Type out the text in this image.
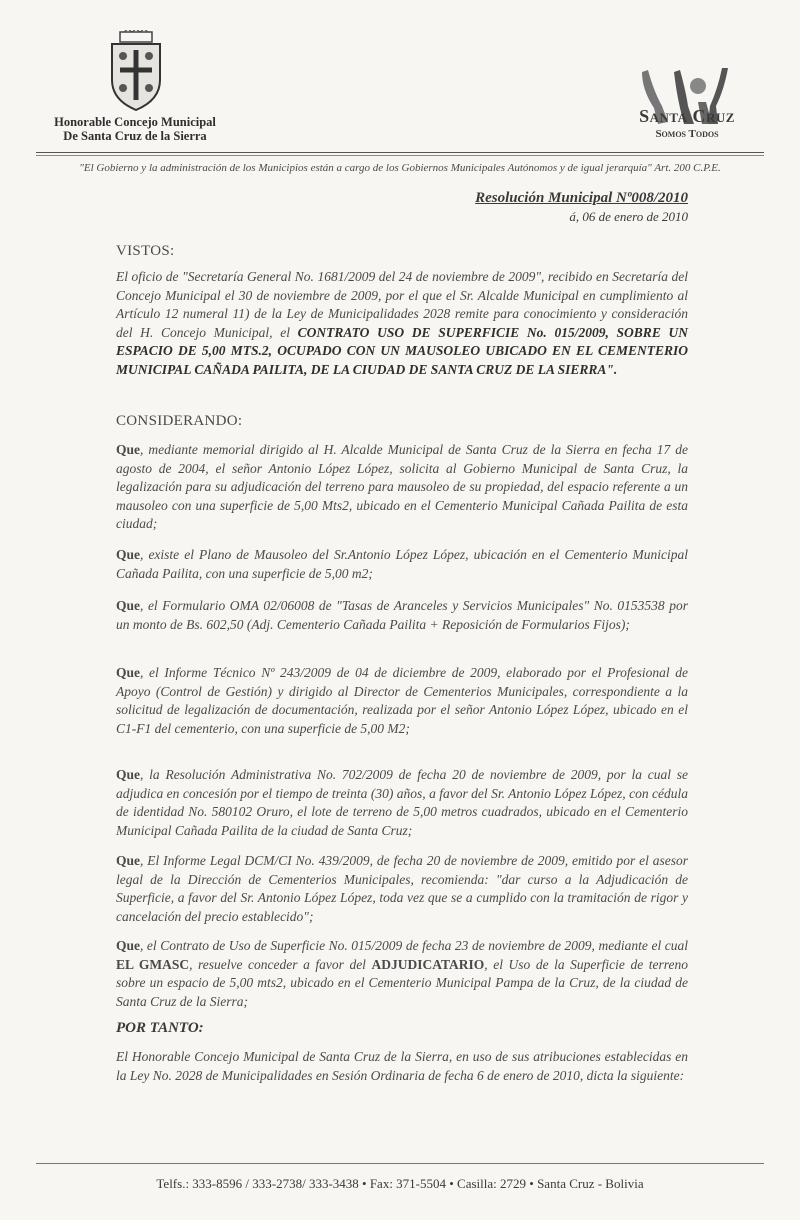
Honorable Concejo Municipal
De Santa Cruz de la Sierra
Santa Cruz
Somos Todos
"El Gobierno y la administración de los Municipios están a cargo de los Gobiernos Municipales Autónomos y de igual jerarquía" Art. 200 C.P.E.
Resolución Municipal Nº008/2010
á, 06 de enero de 2010
VISTOS:
El oficio de "Secretaría General No. 1681/2009 del 24 de noviembre de 2009", recibido en Secretaría del Concejo Municipal el 30 de noviembre de 2009, por el que el Sr. Alcalde Municipal en cumplimiento al Artículo 12 numeral 11) de la Ley de Municipalidades 2028 remite para conocimiento y consideración del H. Concejo Municipal, el CONTRATO USO DE SUPERFICIE No. 015/2009, SOBRE UN ESPACIO DE 5,00 MTS.2, OCUPADO CON UN MAUSOLEO UBICADO EN EL CEMENTERIO MUNICIPAL CAÑADA PAILITA, DE LA CIUDAD DE SANTA CRUZ DE LA SIERRA".
CONSIDERANDO:
Que, mediante memorial dirigido al H. Alcalde Municipal de Santa Cruz de la Sierra en fecha 17 de agosto de 2004, el señor Antonio López López, solicita al Gobierno Municipal de Santa Cruz, la legalización para su adjudicación del terreno para mausoleo de su propiedad, del espacio referente a un mausoleo con una superficie de 5,00 Mts2, ubicado en el Cementerio Municipal Cañada Pailita de esta ciudad;
Que, existe el Plano de Mausoleo del Sr.Antonio López López, ubicación en el Cementerio Municipal Cañada Pailita, con una superficie de 5,00 m2;
Que, el Formulario OMA 02/06008 de "Tasas de Aranceles y Servicios Municipales" No. 0153538 por un monto de Bs. 602,50 (Adj. Cementerio Cañada Pailita + Reposición de Formularios Fijos);
Que, el Informe Técnico Nº 243/2009 de 04 de diciembre de 2009, elaborado por el Profesional de Apoyo (Control de Gestión) y dirigido al Director de Cementerios Municipales, correspondiente a la solicitud de legalización de documentación, realizada por el señor Antonio López López, ubicado en el C1-F1 del cementerio, con una superficie de 5,00 M2;
Que, la Resolución Administrativa No. 702/2009 de fecha 20 de noviembre de 2009, por la cual se adjudica en concesión por el tiempo de treinta (30) años, a favor del Sr. Antonio López López, con cédula de identidad No. 580102 Oruro, el lote de terreno de 5,00 metros cuadrados, ubicado en el Cementerio Municipal Cañada Pailita de la ciudad de Santa Cruz;
Que, El Informe Legal DCM/CI No. 439/2009, de fecha 20 de noviembre de 2009, emitido por el asesor legal de la Dirección de Cementerios Municipales, recomienda: "dar curso a la Adjudicación de Superficie, a favor del Sr. Antonio López López, toda vez que se a cumplido con la tramitación de rigor y cancelación del precio establecido";
Que, el Contrato de Uso de Superficie No. 015/2009 de fecha 23 de noviembre de 2009, mediante el cual EL GMASC, resuelve conceder a favor del ADJUDICATARIO, el Uso de la Superficie de terreno sobre un espacio de 5,00 mts2, ubicado en el Cementerio Municipal Pampa de la Cruz, de la ciudad de Santa Cruz de la Sierra;
POR TANTO:
El Honorable Concejo Municipal de Santa Cruz de la Sierra, en uso de sus atribuciones establecidas en la Ley No. 2028 de Municipalidades en Sesión Ordinaria de fecha 6 de enero de 2010, dicta la siguiente:
Telfs.: 333-8596 / 333-2738/ 333-3438 • Fax: 371-5504 • Casilla: 2729 • Santa Cruz - Bolivia
